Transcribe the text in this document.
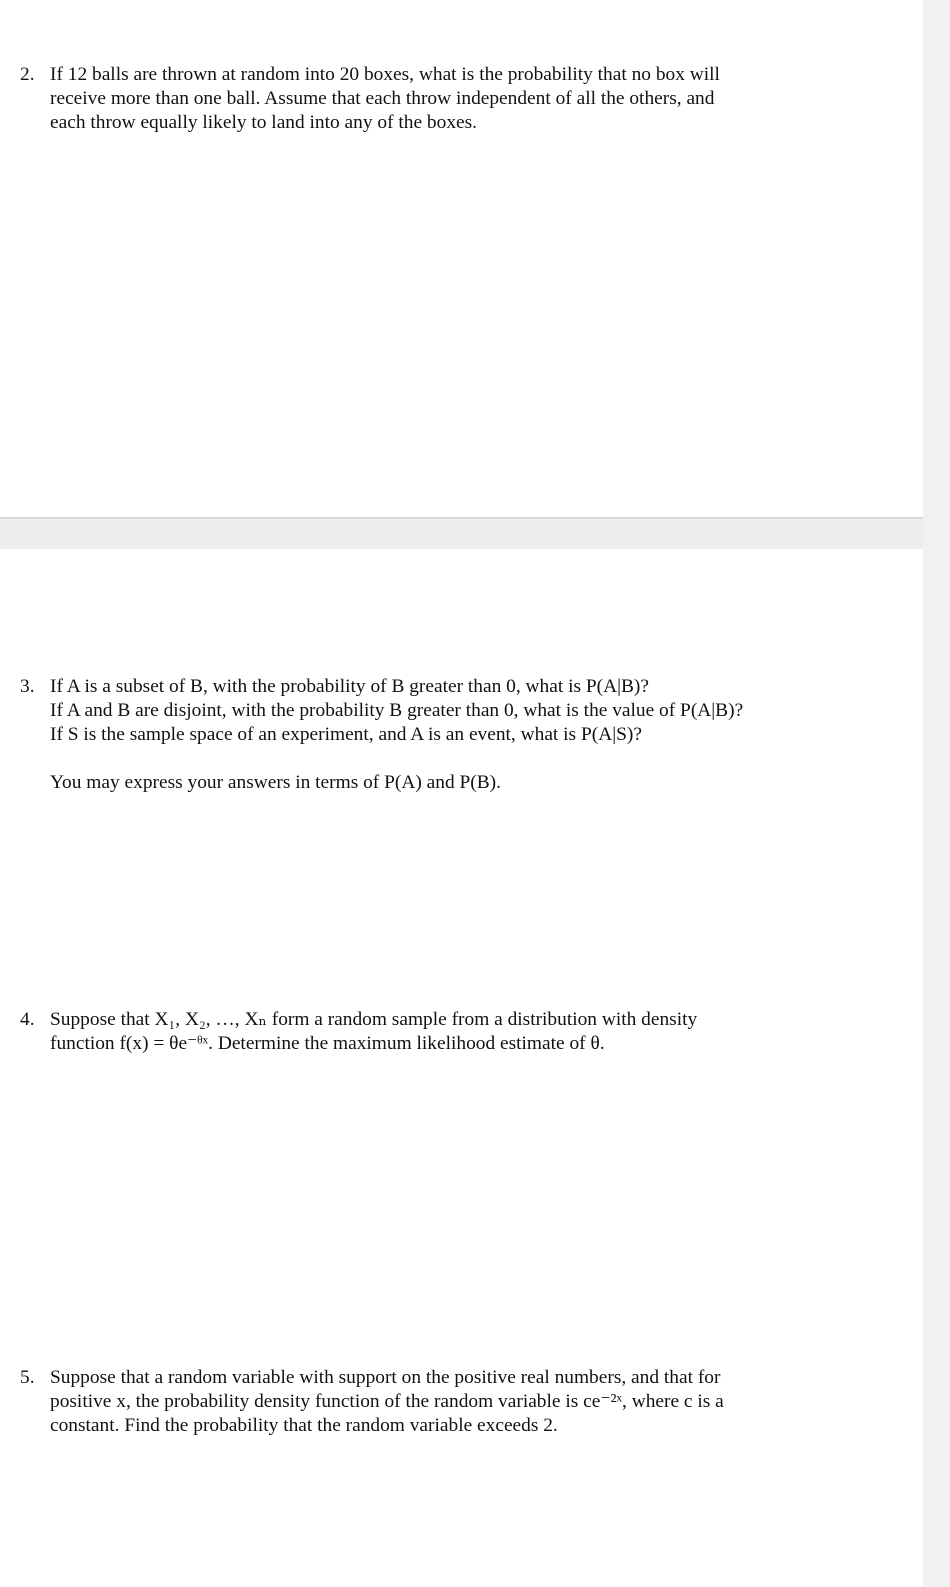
2. If 12 balls are thrown at random into 20 boxes, what is the probability that no box will
receive more than one ball. Assume that each throw independent of all the others, and
each throw equally likely to land into any of the boxes.
3. If A is a subset of B, with the probability of B greater than 0, what is P(A|B)?
If A and B are disjoint, with the probability B greater than 0, what is the value of P(A|B)?
If S is the sample space of an experiment, and A is an event, what is P(A|S)?
You may express your answers in terms of P(A) and P(B).
4. Suppose that X₁, X₂, …, Xₙ form a random sample from a distribution with density
function f(x) = θe⁻ᶿˣ. Determine the maximum likelihood estimate of θ.
5. Suppose that a random variable with support on the positive real numbers, and that for
positive x, the probability density function of the random variable is ce⁻²ˣ, where c is a
constant. Find the probability that the random variable exceeds 2.
